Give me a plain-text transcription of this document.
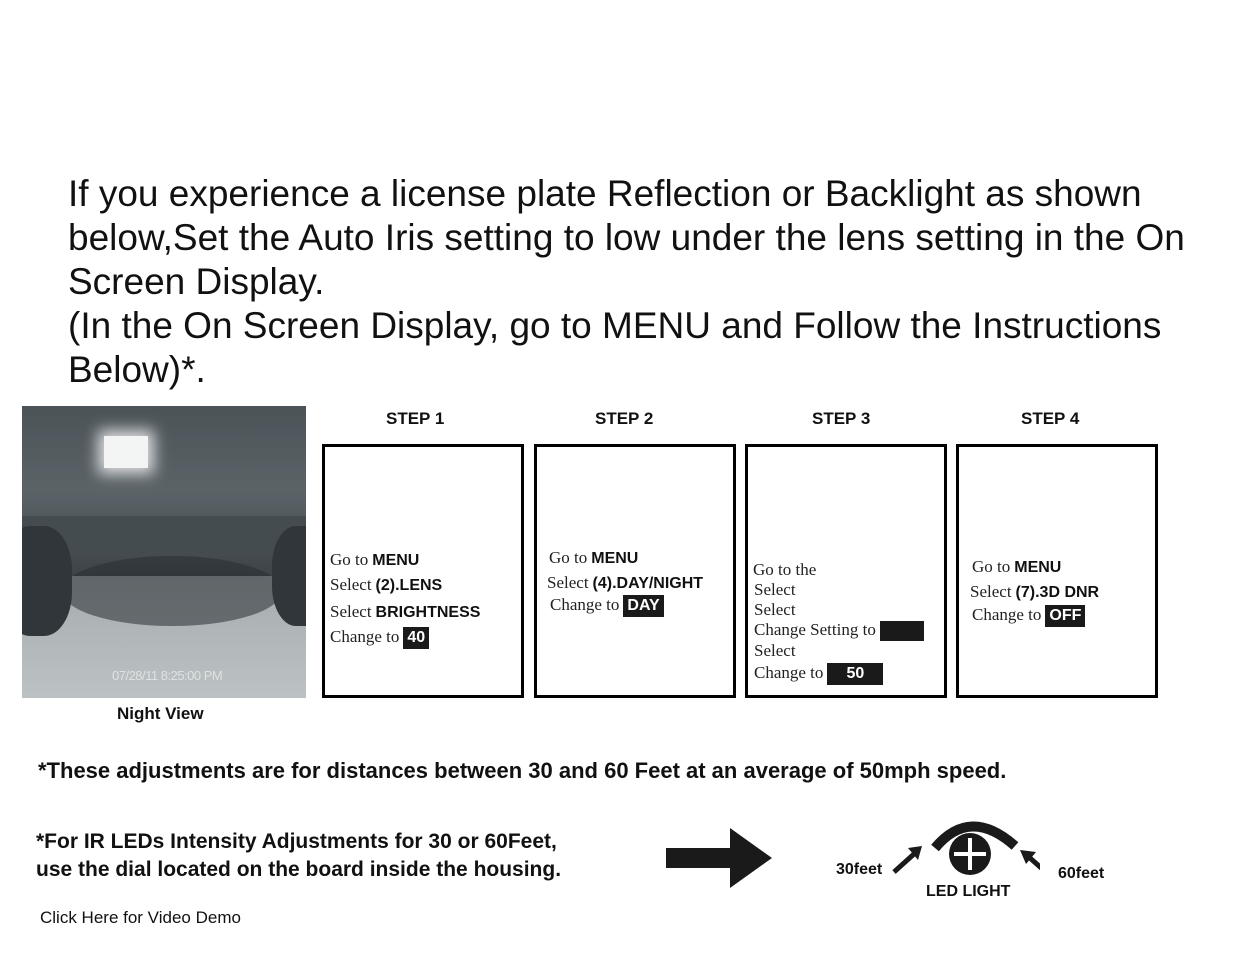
If you experience a license plate Reflection or Backlight as shown below,Set the Auto Iris setting to low under the lens setting in the On Screen Display.

(In the On Screen Display, go to MENU and Follow the Instructions Below)*.

07/28/11 8:25:00 PM
Night View
STEP 1	STEP 2	STEP 3	STEP 4
Go to MENU
Select (2).LENS
Select BRIGHTNESS
Change to 40
Go to MENU
Select (4).DAY/NIGHT
Change to DAY
Go to the
Select
Select
Change Setting to
Select
Change to 50
Go to MENU
Select (7).3D DNR
Change to OFF
*These adjustments are for distances between 30 and 60 Feet at an average of 50mph speed.

*For IR LEDs Intensity Adjustments for 30 or 60Feet,

use the dial located on the board inside the housing.	30feet	60feet
LED LIGHT
Click Here for Video Demo
